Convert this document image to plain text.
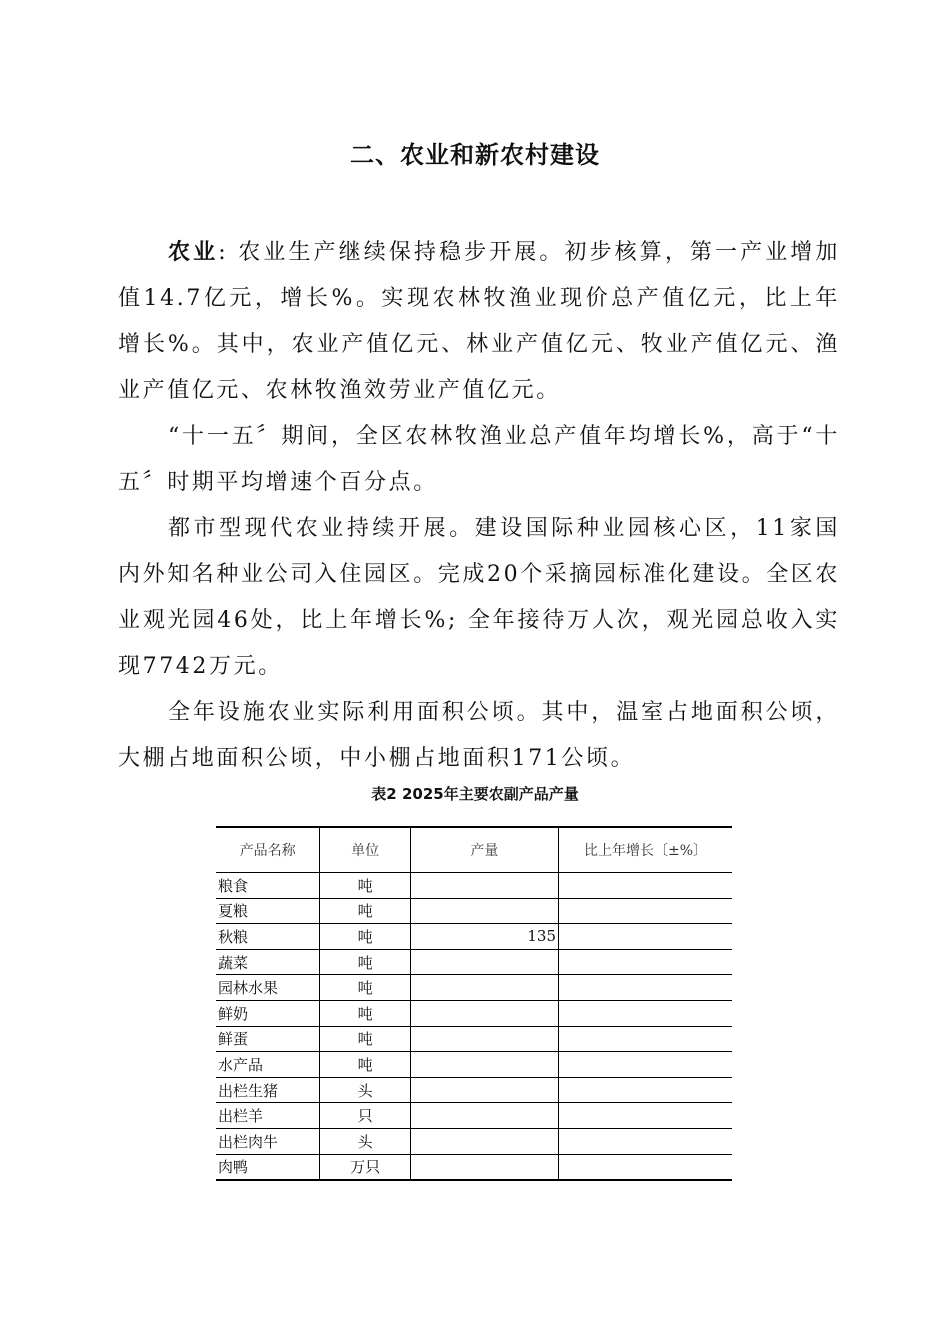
二、农业和新农村建设

农业: 农业生产继续保持稳步开展。初步核算，第一产业增加值14.7亿元，增长%。实现农林牧渔业现价总产值亿元，比上年增长%。其中，农业产值亿元、林业产值亿元、牧业产值亿元、渔业产值亿元、农林牧渔效劳业产值亿元。

“十一五〞期间，全区农林牧渔业总产值年均增长%，高于“十五〞时期平均增速个百分点。

都市型现代农业持续开展。建设国际种业园核心区，11家国内外知名种业公司入住园区。完成20个采摘园标准化建设。全区农业观光园46处，比上年增长%; 全年接待万人次，观光园总收入实现7742万元。

全年设施农业实际利用面积公顷。其中，温室占地面积公顷，大棚占地面积公顷，中小棚占地面积171公顷。

表2 2025年主要农副产品产量
产品名称	单位	产量	比上年增长〔±%〕
粮食	吨		
夏粮	吨		
秋粮	吨	135	
蔬菜	吨		
园林水果	吨		
鲜奶	吨		
鲜蛋	吨		
水产品	吨		
出栏生猪	头		
出栏羊	只		
出栏肉牛	头		
肉鸭	万只		
